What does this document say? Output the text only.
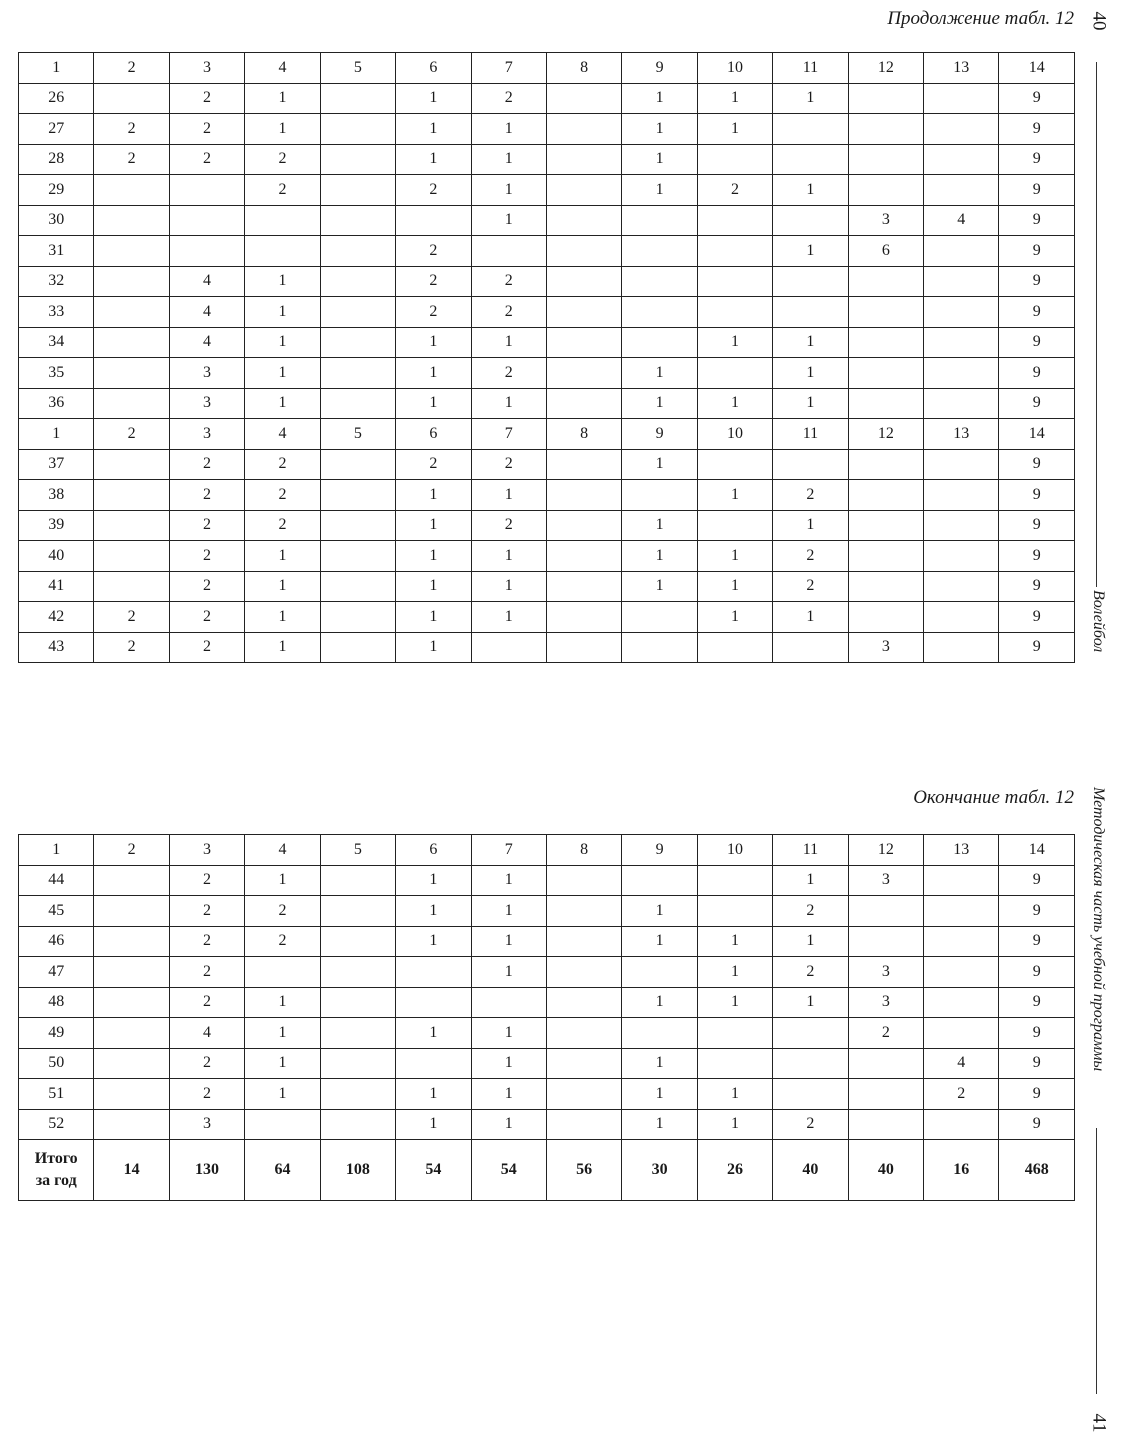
Продолжение табл. 12
1	2	3	4	5	6	7	8	9	10	11	12	13	14
26		2	1		1	2		1	1	1			9
27	2	2	1		1	1		1	1				9
28	2	2	2		1	1		1					9
29			2		2	1		1	2	1			9
30						1					3	4	9
31					2					1	6		9
32		4	1		2	2							9
33		4	1		2	2							9
34		4	1		1	1			1	1			9
35		3	1		1	2		1		1			9
36		3	1		1	1		1	1	1			9
1	2	3	4	5	6	7	8	9	10	11	12	13	14
37		2	2		2	2		1					9
38		2	2		1	1			1	2			9
39		2	2		1	2		1		1			9
40		2	1		1	1		1	1	2			9
41		2	1		1	1		1	1	2			9
42	2	2	1		1	1			1	1			9
43	2	2	1		1						3		9
Окончание табл. 12
1	2	3	4	5	6	7	8	9	10	11	12	13	14
44		2	1		1	1				1	3		9
45		2	2		1	1		1		2			9
46		2	2		1	1		1	1	1			9
47		2				1			1	2	3		9
48		2	1					1	1	1	3		9
49		4	1		1	1					2		9
50		2	1			1		1				4	9
51		2	1		1	1		1	1			2	9
52		3			1	1		1	1	2			9

Итого
за год	14	130	64	108	54	54	56	30	26	40	40	16	468
40
Волейбол
Методическая часть учебной программы
41
